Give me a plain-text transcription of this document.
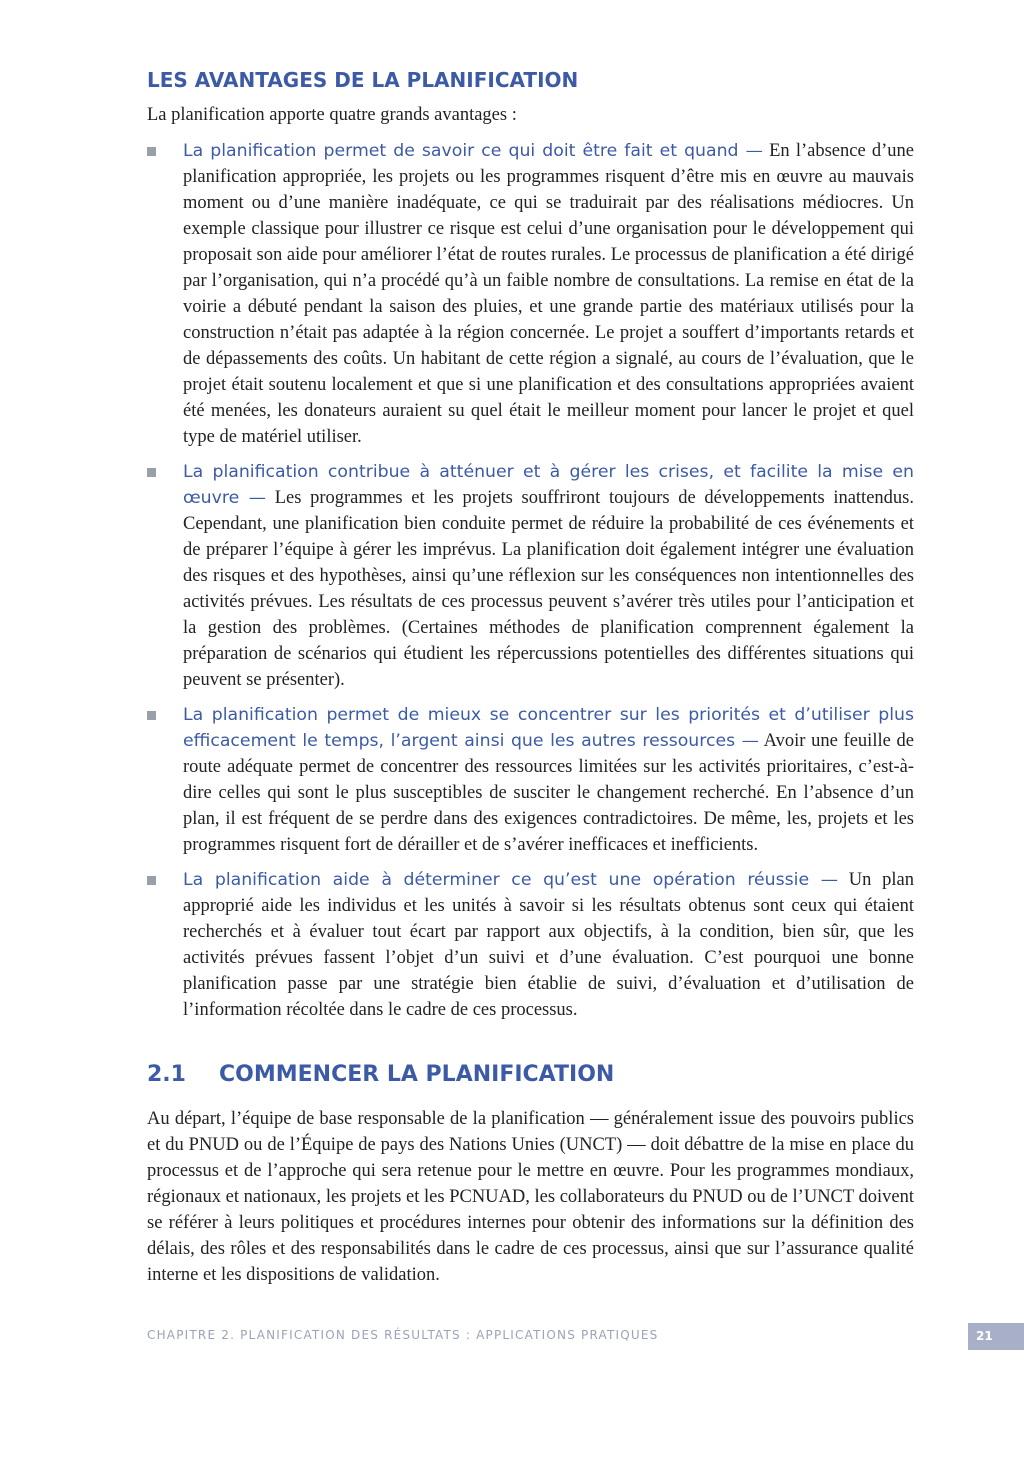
LES AVANTAGES DE LA PLANIFICATION

La planification apporte quatre grands avantages :

La planification permet de savoir ce qui doit être fait et quand — En l’absence d’une planification appropriée, les projets ou les programmes risquent d’être mis en œuvre au mauvais moment ou d’une manière inadéquate, ce qui se traduirait par des réalisations médiocres. Un exemple classique pour illustrer ce risque est celui d’une organisation pour le développement qui proposait son aide pour améliorer l’état de routes rurales. Le processus de planification a été dirigé par l’organisation, qui n’a procédé qu’à un faible nombre de consultations. La remise en état de la voirie a débuté pendant la saison des pluies, et une grande partie des matériaux utilisés pour la construction n’était pas adaptée à la région concernée. Le projet a souffert d’importants retards et de dépassements des coûts. Un habitant de cette région a signalé, au cours de l’évaluation, que le projet était soutenu localement et que si une planification et des consultations appropriées avaient été menées, les donateurs auraient su quel était le meilleur moment pour lancer le projet et quel type de matériel utiliser.
La planification contribue à atténuer et à gérer les crises, et facilite la mise en œuvre — Les programmes et les projets souffriront toujours de développements inattendus. Cependant, une planification bien conduite permet de réduire la probabilité de ces événements et de préparer l’équipe à gérer les imprévus. La planification doit également intégrer une évaluation des risques et des hypothèses, ainsi qu’une réflexion sur les conséquences non intentionnelles des activités prévues. Les résultats de ces processus peuvent s’avérer très utiles pour l’anticipation et la gestion des problèmes. (Certaines méthodes de planification comprennent également la préparation de scénarios qui étudient les répercussions potentielles des différentes situations qui peuvent se présenter).
La planification permet de mieux se concentrer sur les priorités et d’utiliser plus efficacement le temps, l’argent ainsi que les autres ressources — Avoir une feuille de route adéquate permet de concentrer des ressources limitées sur les activités prioritaires, c’est-à-dire celles qui sont le plus susceptibles de susciter le changement recherché. En l’absence d’un plan, il est fréquent de se perdre dans des exigences contradictoires. De même, les, projets et les programmes risquent fort de dérailler et de s’avérer inefficaces et inefficients.
La planification aide à déterminer ce qu’est une opération réussie — Un plan approprié aide les individus et les unités à savoir si les résultats obtenus sont ceux qui étaient recherchés et à évaluer tout écart par rapport aux objectifs, à la condition, bien sûr, que les activités prévues fassent l’objet d’un suivi et d’une évaluation. C’est pourquoi une bonne planification passe par une stratégie bien établie de suivi, d’évaluation et d’utilisation de l’information récoltée dans le cadre de ces processus.
2.1 COMMENCER LA PLANIFICATION

Au départ, l’équipe de base responsable de la planification — généralement issue des pouvoirs publics et du PNUD ou de l’Équipe de pays des Nations Unies (UNCT) — doit débattre de la mise en place du processus et de l’approche qui sera retenue pour le mettre en œuvre. Pour les programmes mondiaux, régionaux et nationaux, les projets et les PCNUAD, les collaborateurs du PNUD ou de l’UNCT doivent se référer à leurs politiques et procédures internes pour obtenir des informations sur la définition des délais, des rôles et des responsabilités dans le cadre de ces processus, ainsi que sur l’assurance qualité interne et les dispositions de validation.

CHAPITRE 2. PLANIFICATION DES RÉSULTATS : APPLICATIONS PRATIQUES	21
